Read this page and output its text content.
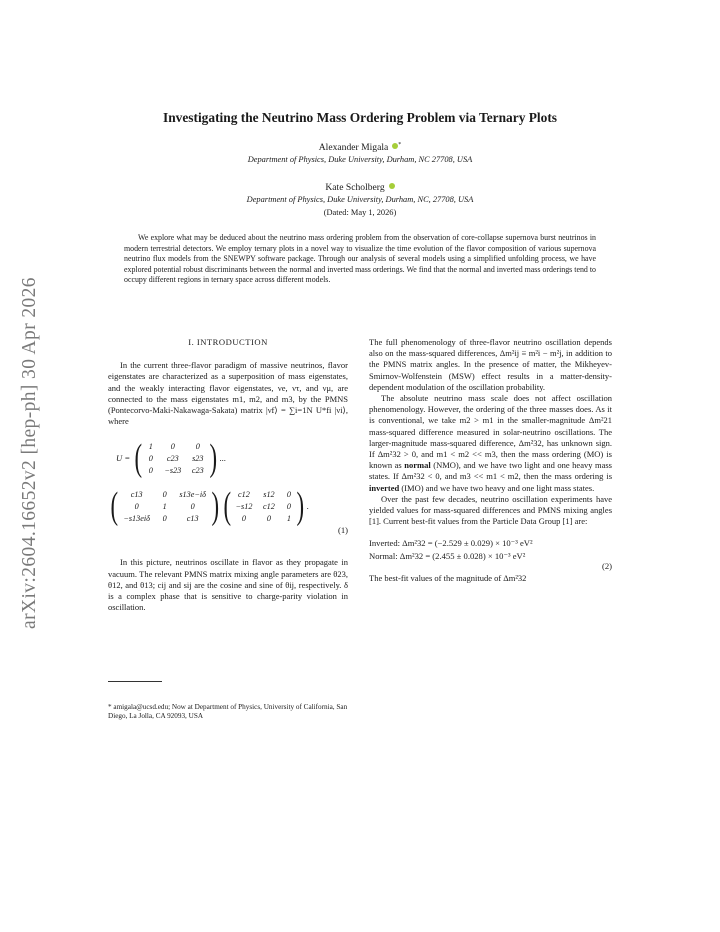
arXiv:2604.16652v2 [hep-ph] 30 Apr 2026
Investigating the Neutrino Mass Ordering Problem via Ternary Plots
Alexander Migala *
Department of Physics, Duke University, Durham, NC 27708, USA
Kate Scholberg
Department of Physics, Duke University, Durham, NC, 27708, USA
(Dated: May 1, 2026)
We explore what may be deduced about the neutrino mass ordering problem from the observation of core-collapse supernova burst neutrinos in modern terrestrial detectors. We employ ternary plots in a novel way to visualize the time evolution of the flavor composition of various supernova neutrino flux models from the SNEWPY software package. Through our analysis of several models using a simplified unfolding process, we have explored potential robust discriminants between the normal and inverted mass orderings. We find that the normal and inverted mass orderings tend to occupy different regions in ternary space across different models.
I. INTRODUCTION

In the current three-flavor paradigm of massive neutrinos, flavor eigenstates are characterized as a superposition of mass eigenstates, and the weakly interacting flavor eigenstates, νe, ντ, and νμ, are connected to the mass eigenstates m1, m2, and m3, by the PMNS (Pontecorvo-Maki-Nakawaga-Sakata) matrix |νf⟩ = ∑i=1N U*fi |νi⟩, where

U = ( 1	0	0
0	c23	s23
0	−s23	c23 ) ...
(	c13	0	s13e−iδ
0	1	0
−s13eiδ	0	c13 ) ( c12	s12	0
−s12 c12	0
0	0	1 ) .
(1)

In this picture, neutrinos oscillate in flavor as they propagate in vacuum. The relevant PMNS matrix mixing angle parameters are θ23, θ12, and θ13; cij and sij are the cosine and sine of θij, respectively. δ is a complex phase that is sensitive to charge-parity violation in oscillation.

* amigala@ucsd.edu; Now at Department of Physics, University of California, San Diego, La Jolla, CA 92093, USA

The full phenomenology of three-flavor neutrino oscillation depends also on the mass-squared differences, Δm²ij ≡ m²i − m²j, in addition to the PMNS matrix angles. In the presence of matter, the Mikheyev-Smirnov-Wolfenstein (MSW) effect results in a matter-density-dependent modulation of the oscillation probability.

The absolute neutrino mass scale does not affect oscillation phenomenology. However, the ordering of the three masses does. As it is conventional, we take m2 > m1 in the smaller-magnitude Δm²21 mass-squared difference measured in solar-neutrino oscillations. The larger-magnitude mass-squared difference, Δm²32, has unknown sign. If Δm²32 > 0, and m1 < m2 << m3, then the mass ordering (MO) is known as normal (NMO), and we have two light and one heavy mass states. If Δm²32 < 0, and m3 << m1 < m2, then the mass ordering is inverted (IMO) and we have two heavy and one light mass states.

Over the past few decades, neutrino oscillation experiments have yielded values for mass-squared differences and PMNS mixing angles [1]. Current best-fit values from the Particle Data Group [1] are:

Inverted: Δm²32 = (−2.529 ± 0.029) × 10⁻³ eV²
Normal: Δm²32 = (2.455 ± 0.028) × 10⁻³ eV²
(2)

The best-fit values of the magnitude of Δm²32
